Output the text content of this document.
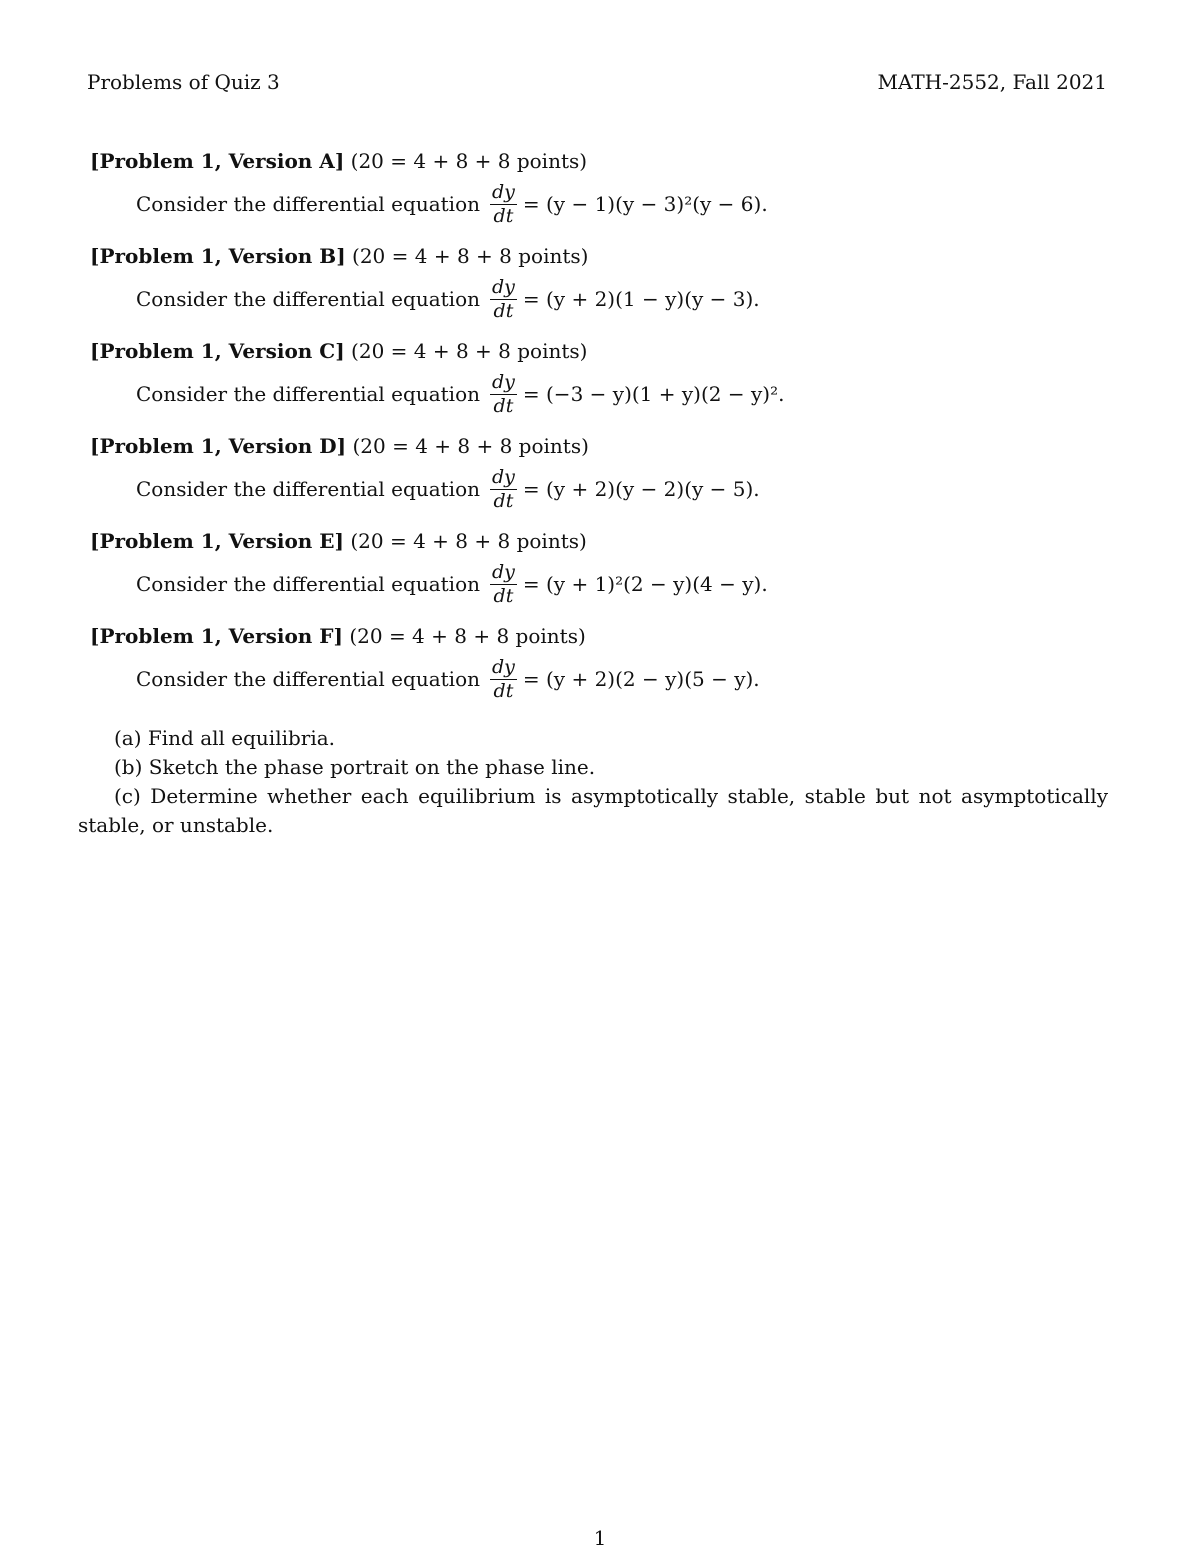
Problems of Quiz 3	MATH-2552, Fall 2021
[Problem 1, Version A] (20 = 4 + 8 + 8 points)
Consider the differential equation $\frac{dy}{dt} = (y - 1)(y - 3)^2(y - 6)$.
[Problem 1, Version B] (20 = 4 + 8 + 8 points)
Consider the differential equation $\frac{dy}{dt} = (y + 2)(1 - y)(y - 3)$.
[Problem 1, Version C] (20 = 4 + 8 + 8 points)
Consider the differential equation $\frac{dy}{dt} = (-3 - y)(1 + y)(2 - y)^2$.
[Problem 1, Version D] (20 = 4 + 8 + 8 points)
Consider the differential equation $\frac{dy}{dt} = (y + 2)(y - 2)(y - 5)$.
[Problem 1, Version E] (20 = 4 + 8 + 8 points)
Consider the differential equation $\frac{dy}{dt} = (y + 1)^2(2 - y)(4 - y)$.
[Problem 1, Version F] (20 = 4 + 8 + 8 points)
Consider the differential equation $\frac{dy}{dt} = (y + 2)(2 - y)(5 - y)$.
(a) Find all equilibria.
(b) Sketch the phase portrait on the phase line.
(c) Determine whether each equilibrium is asymptotically stable, stable but not asymptotically stable, or unstable.
1
